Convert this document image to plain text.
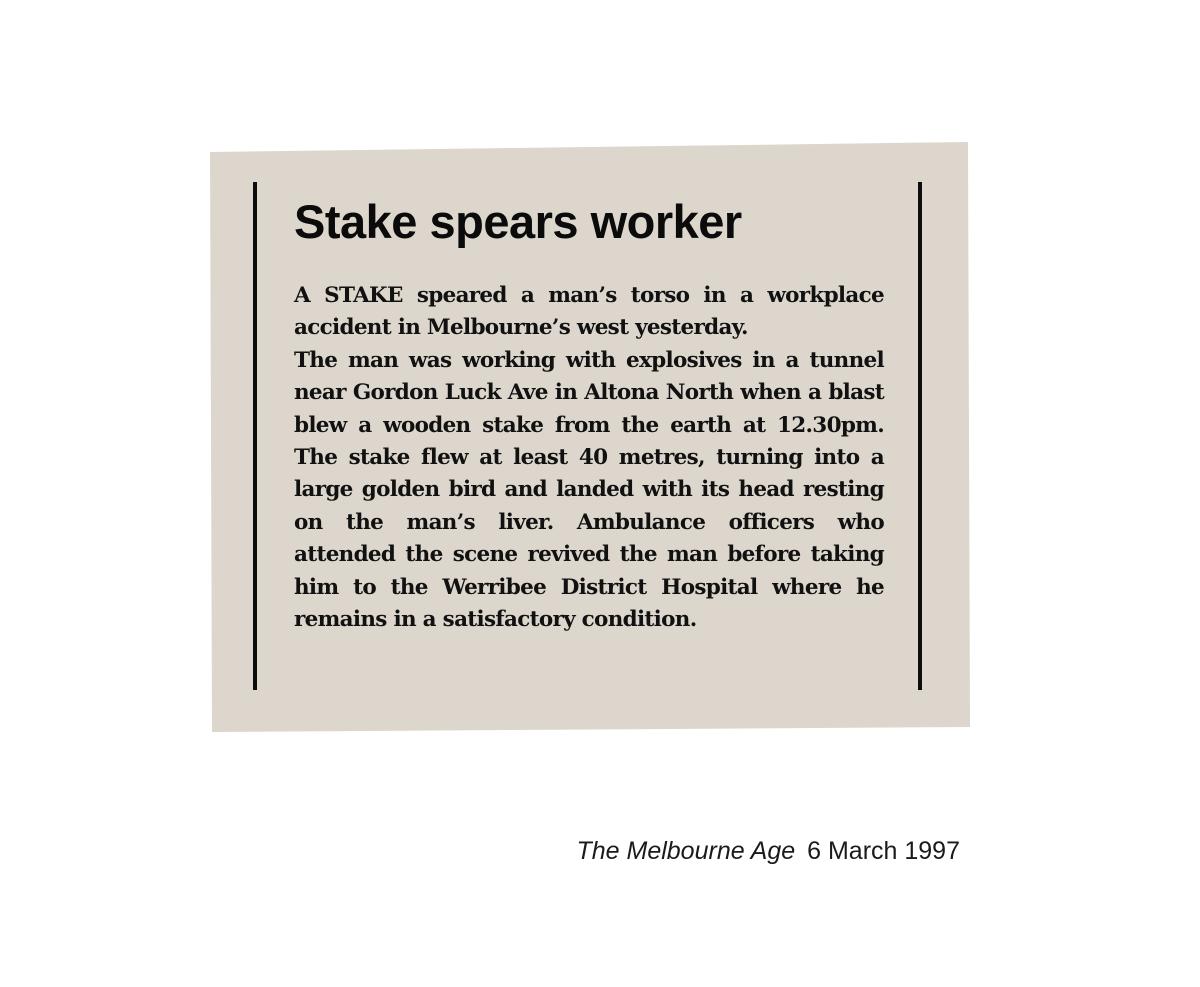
Stake spears worker

A STAKE speared a man’s torso in a workplace accident in Melbourne’s west yesterday.

The man was working with explosives in a tunnel near Gordon Luck Ave in Altona North when a blast blew a wooden stake from the earth at 12.30pm. The stake flew at least 40 metres, turning into a large golden bird and landed with its head resting on the man’s liver. Ambulance officers who attended the scene revived the man before taking him to the Werribee District Hospital where he remains in a satisfactory condition.

The Melbourne Age 6 March 1997
